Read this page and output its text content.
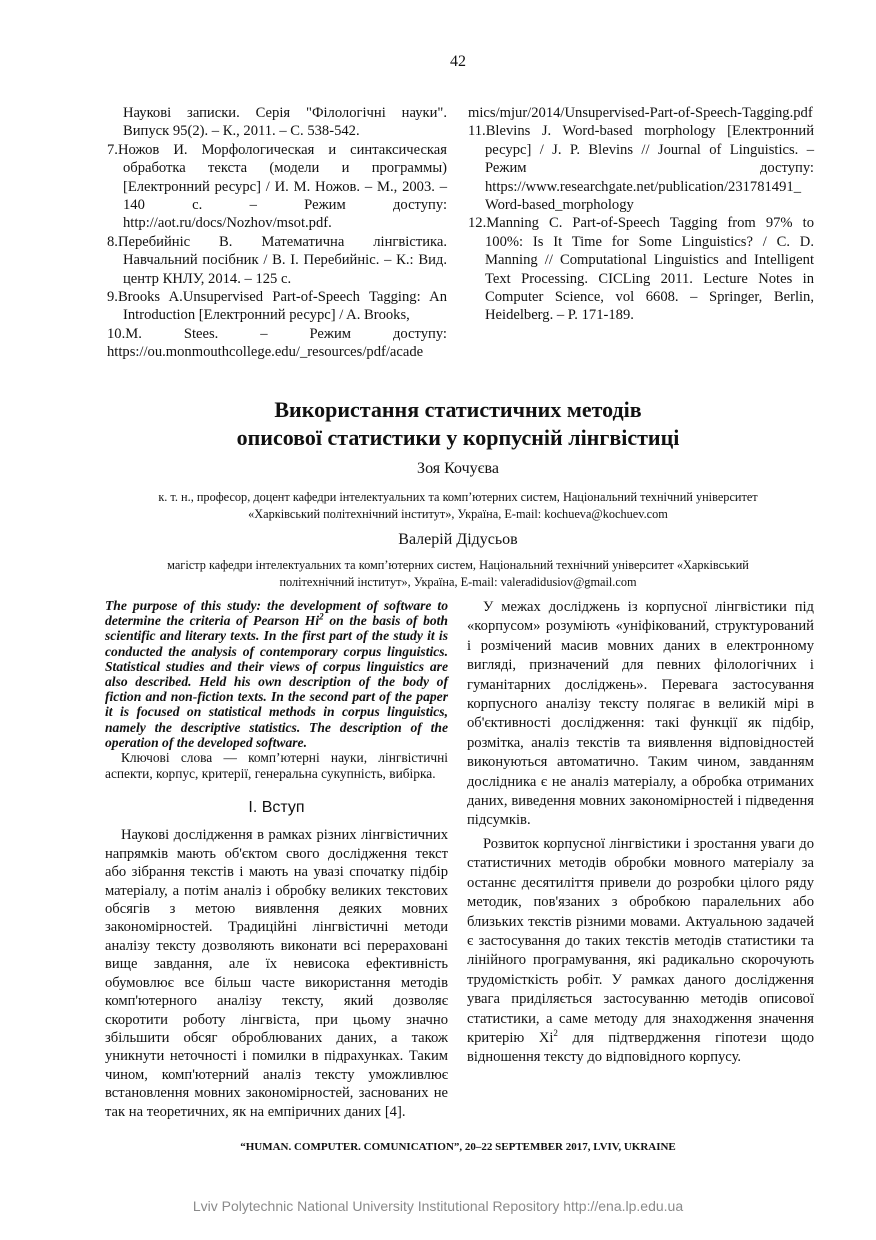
42

Наукові записки. Серія "Філологічні науки". Випуск 95(2). – К., 2011. – С. 538-542.

7.Ножов И. Морфологическая и синтаксическая обработка текста (модели и программы) [Електронний ресурс] / И. М. Ножов. – М., 2003. – 140 с. – Режим доступу: http://aot.ru/docs/Nozhov/msot.pdf.

8.Перебийніс В. Математична лінгвістика. Навчальний посібник / В. І. Перебийніс. – К.: Вид. центр КНЛУ, 2014. – 125 с.

9.Brooks A.Unsupervised Part-of-Speech Tagging: An Introduction [Електронний ресурс] / A. Brooks,

10.M. Stees. – Режим доступу: https://ou.monmouthcollege.edu/_resources/pdf/acade

mics/mjur/2014/Unsupervised-Part-of-Speech-Tagging.pdf

11.Blevins J. Word-based morphology [Електронний ресурс] / J. P. Blevins // Journal of Linguistics. – Режим доступу: https://www.researchgate.net/publication/231781491_ Word-based_morphology

12.Manning C. Part-of-Speech Tagging from 97% to 100%: Is It Time for Some Linguistics? / C. D. Manning // Computational Linguistics and Intelligent Text Processing. CICLing 2011. Lecture Notes in Computer Science, vol 6608. – Springer, Berlin, Heidelberg. – P. 171-189.

Використання статистичних методів
описової статистики у корпусній лінгвістиці
Зоя Кочуєва
к. т. н., професор, доцент кафедри інтелектуальних та комп’ютерних систем, Національний технічний університет
«Харківський політехнічний інститут», Україна, E-mail: kochueva@kochuev.com
Валерій Дідусьов
магістр кафедри інтелектуальних та комп’ютерних систем, Національний технічний університет «Харківський
політехнічний інститут», Україна, E-mail: valeradidusiov@gmail.com

The purpose of this study: the development of software to determine the criteria of Pearson Hi$^2$ on the basis of both scientific and literary texts. In the first part of the study it is conducted the analysis of contemporary corpus linguistics. Statistical studies and their views of corpus linguistics are also described. Held his own description of the body of fiction and non-fiction texts. In the second part of the paper it is focused on statistical methods in corpus linguistics, namely the descriptive statistics. The description of the operation of the developed software.

Ключові слова — комп’ютерні науки, лінгвістичні аспекти, корпус, критерії, генеральна сукупність, вибірка.

I. Вступ

Наукові дослідження в рамках різних лінгвістичних напрямків мають об'єктом свого дослідження текст або зібрання текстів і мають на увазі спочатку підбір матеріалу, а потім аналіз і обробку великих текстових обсягів з метою виявлення деяких мовних закономірностей. Традиційні лінгвістичні методи аналізу тексту дозволяють виконати всі перераховані вище завдання, але їх невисока ефективність обумовлює все більш часте використання методів комп'ютерного аналізу тексту, який дозволяє скоротити роботу лінгвіста, при цьому значно збільшити обсяг оброблюваних даних, а також уникнути неточності і помилки в підрахунках. Таким чином, комп'ютерний аналіз тексту уможливлює встановлення мовних закономірностей, заснованих не так на теоретичних, як на емпіричних даних [4].

У межах досліджень із корпусної лінгвістики під «корпусом» розуміють «уніфікований, структурований і розмічений масив мовних даних в електронному вигляді, призначений для певних філологічних і гуманітарних досліджень». Перевага застосування корпусного аналізу тексту полягає в великій мірі в об'єктивності дослідження: такі функції як підбір, розмітка, аналіз текстів та виявлення відповідностей виконуються автоматично. Таким чином, завданням дослідника є не аналіз матеріалу, а обробка отриманих даних, виведення мовних закономірностей і підведення підсумків.

Розвиток корпусної лінгвістики і зростання уваги до статистичних методів обробки мовного матеріалу за останнє десятиліття привели до розробки цілого ряду методик, пов'язаних з обробкою паралельних або близьких текстів різними мовами. Актуальною задачей є застосування до таких текстів методів статистики та лінійного програмування, які радикально скорочують трудомісткість робіт. У рамках даного дослідження увага приділяється застосуванню методів описової статистики, а саме методу для знаходження значення критерію Xi$^2$ для підтвердження гіпотези щодо відношення тексту до відповідного корпусу.

“HUMAN. COMPUTER. COMUNICATION”, 20–22 SEPTEMBER 2017, LVIV, UKRAINE
Lviv Polytechnic National University Institutional Repository http://ena.lp.edu.ua
